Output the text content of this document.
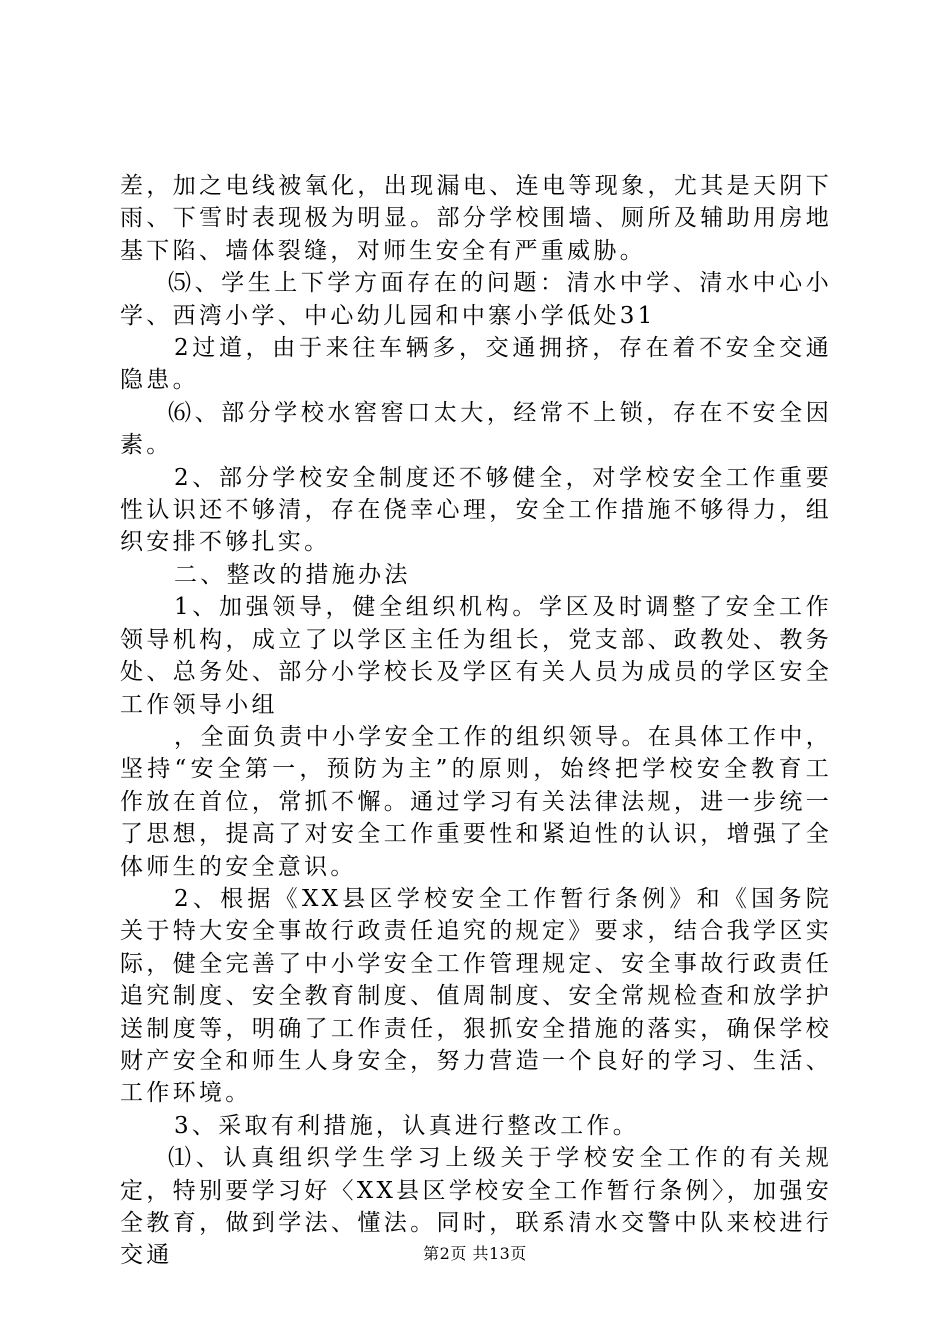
差，加之电线被氧化，出现漏电、连电等现象，尤其是天阴下雨、下雪时表现极为明显。部分学校围墙、厕所及辅助用房地基下陷、墙体裂缝，对师生安全有严重威胁。

⑸、学生上下学方面存在的问题：清水中学、清水中心小学、西湾小学、中心幼儿园和中寨小学低处31

2过道，由于来往车辆多，交通拥挤，存在着不安全交通隐患。

⑹、部分学校水窖窖口太大，经常不上锁，存在不安全因素。

2、部分学校安全制度还不够健全，对学校安全工作重要性认识还不够清，存在侥幸心理，安全工作措施不够得力，组织安排不够扎实。

二、整改的措施办法

1、加强领导，健全组织机构。学区及时调整了安全工作领导机构，成立了以学区主任为组长，党支部、政教处、教务处、总务处、部分小学校长及学区有关人员为成员的学区安全工作领导小组

，全面负责中小学安全工作的组织领导。在具体工作中，坚持“安全第一，预防为主”的原则，始终把学校安全教育工作放在首位，常抓不懈。通过学习有关法律法规，进一步统一了思想，提高了对安全工作重要性和紧迫性的认识，增强了全体师生的安全意识。

2、根据《XX县区学校安全工作暂行条例》和《国务院关于特大安全事故行政责任追究的规定》要求，结合我学区实际，健全完善了中小学安全工作管理规定、安全事故行政责任追究制度、安全教育制度、值周制度、安全常规检查和放学护送制度等，明确了工作责任，狠抓安全措施的落实，确保学校财产安全和师生人身安全，努力营造一个良好的学习、生活、工作环境。

3、采取有利措施，认真进行整改工作。

⑴、认真组织学生学习上级关于学校安全工作的有关规定，特别要学习好〈XX县区学校安全工作暂行条例〉，加强安全教育，做到学法、懂法。同时，联系清水交警中队来校进行交通	第2页 共13页
